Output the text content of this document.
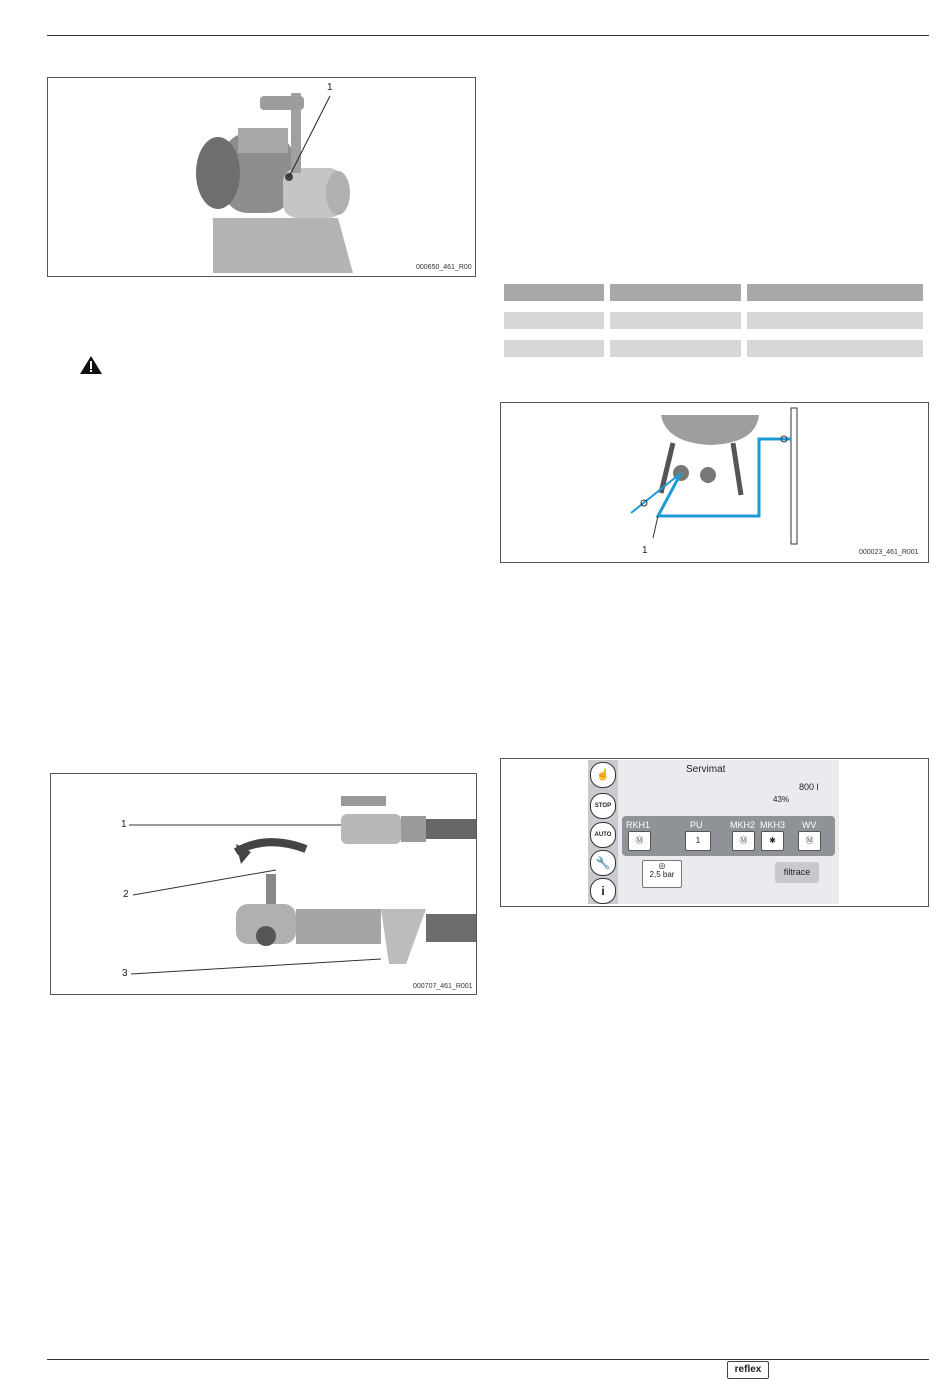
1
000650_461_R00
1
2
3
000707_461_R001
1	000023_461_R001
☝
STOP
AUTO
🔧
i
Servimat
43%
800 l
RKH1	PU	MKH2 MKH3 WV
Ⓜ	1	Ⓜ	✱	Ⓜ
◎
2,5 bar	filtrace
reflex
